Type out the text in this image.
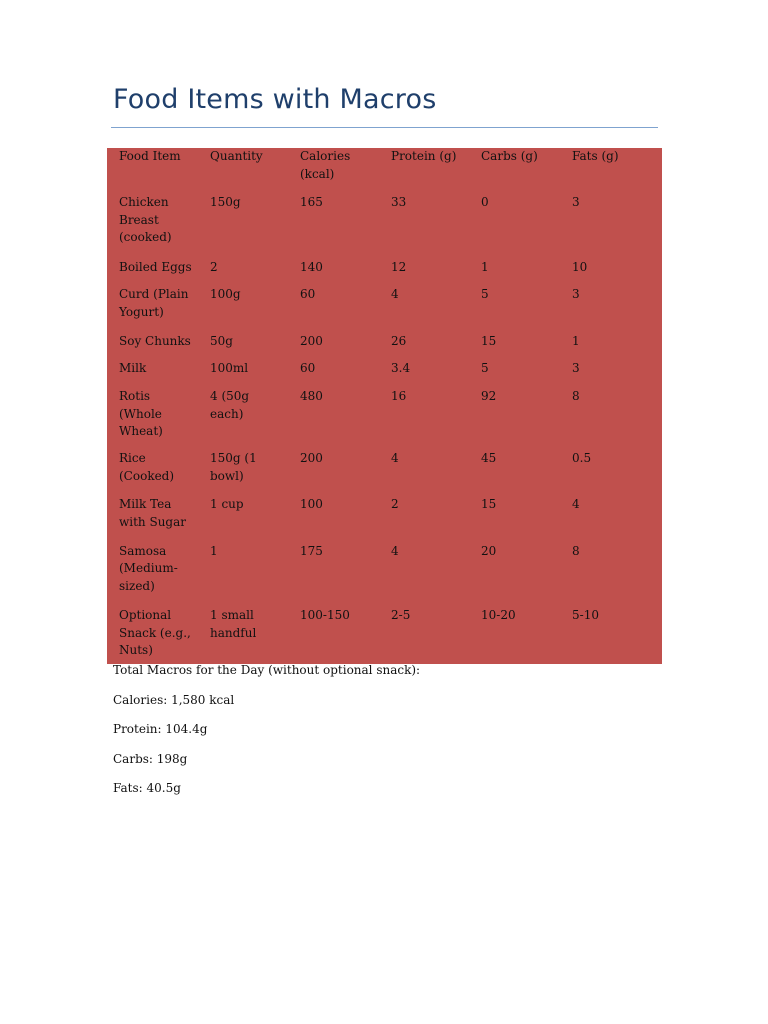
Food Items with Macros
Food Item	Quantity	Calories (kcal)	Protein (g)	Carbs (g)	Fats (g)
Chicken Breast (cooked)	150g	165	33	0	3
Boiled Eggs	2	140	12	1	10
Curd (Plain Yogurt)	100g	60	4	5	3
Soy Chunks	50g	200	26	15	1
Milk	100ml	60	3.4	5	3
Rotis (Whole Wheat)	4 (50g each)	480	16	92	8
Rice (Cooked)	150g (1 bowl)	200	4	45	0.5
Milk Tea with Sugar	1 cup	100	2	15	4
Samosa (Medium-sized)	1	175	4	20	8
Optional Snack (e.g., Nuts)	1 small handful	100-150	2-5	10-20	5-10
Total Macros for the Day (without optional snack):
Calories: 1,580 kcal
Protein: 104.4g
Carbs: 198g
Fats: 40.5g
